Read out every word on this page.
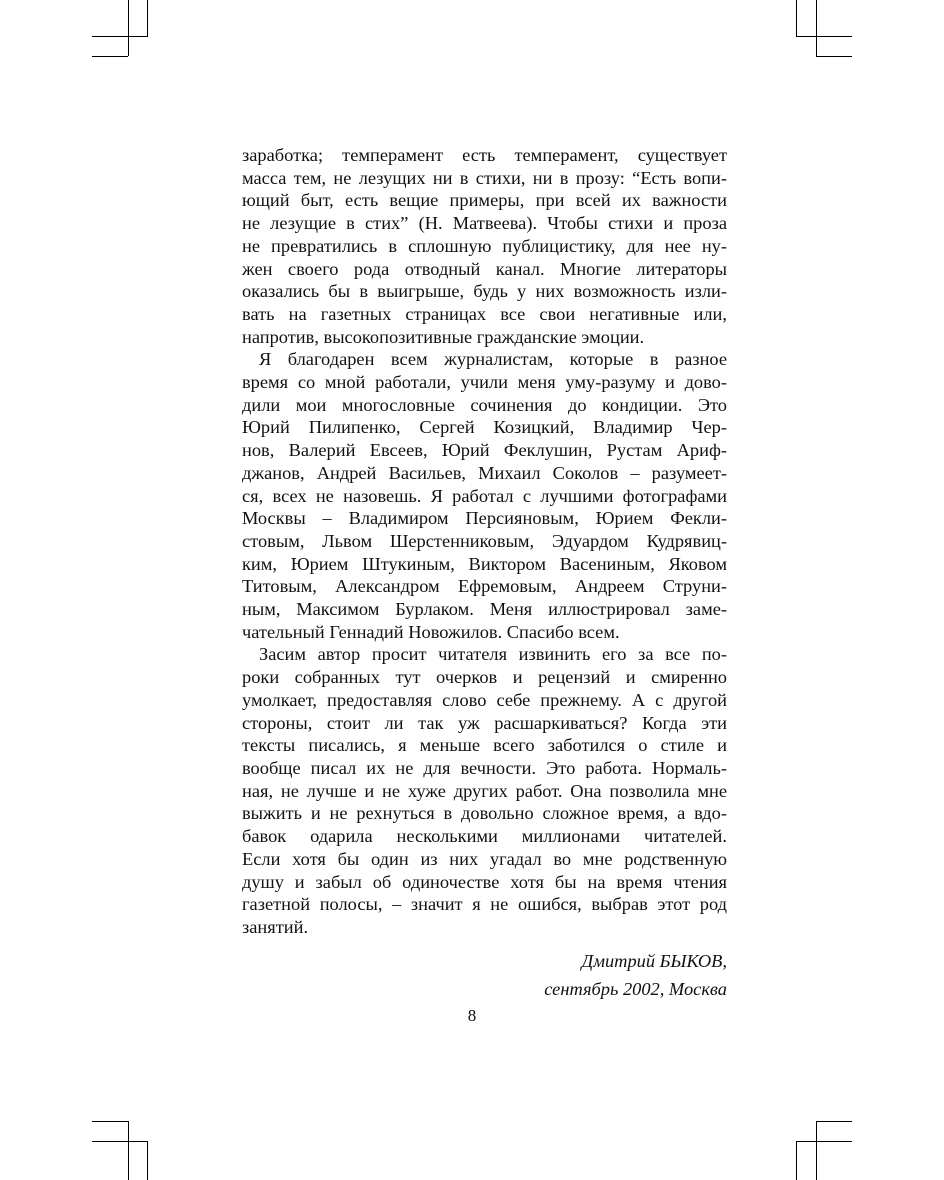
заработка; темперамент есть темперамент, существует
масса тем, не лезущих ни в стихи, ни в прозу: “Есть вопи-
ющий быт, есть вещие примеры, при всей их важности
не лезущие в стих” (Н. Матвеева). Чтобы стихи и проза
не превратились в сплошную публицистику, для нее ну-
жен своего рода отводный канал. Многие литераторы
оказались бы в выигрыше, будь у них возможность изли-
вать на газетных страницах все свои негативные или,
напротив, высокопозитивные гражданские эмоции.

Я благодарен всем журналистам, которые в разное
время со мной работали, учили меня уму-разуму и дово-
дили мои многословные сочинения до кондиции. Это
Юрий Пилипенко, Сергей Козицкий, Владимир Чер-
нов, Валерий Евсеев, Юрий Феклушин, Рустам Ариф-
джанов, Андрей Васильев, Михаил Соколов – разумеет-
ся, всех не назовешь. Я работал с лучшими фотографами
Москвы – Владимиром Персияновым, Юрием Фекли-
стовым, Львом Шерстенниковым, Эдуардом Кудрявиц-
ким, Юрием Штукиным, Виктором Васениным, Яковом
Титовым, Александром Ефремовым, Андреем Струни-
ным, Максимом Бурлаком. Меня иллюстрировал заме-
чательный Геннадий Новожилов. Спасибо всем.

Засим автор просит читателя извинить его за все по-
роки собранных тут очерков и рецензий и смиренно
умолкает, предоставляя слово себе прежнему. А с другой
стороны, стоит ли так уж расшаркиваться? Когда эти
тексты писались, я меньше всего заботился о стиле и
вообще писал их не для вечности. Это работа. Нормаль-
ная, не лучше и не хуже других работ. Она позволила мне
выжить и не рехнуться в довольно сложное время, а вдо-
бавок одарила несколькими миллионами читателей.
Если хотя бы один из них угадал во мне родственную
душу и забыл об одиночестве хотя бы на время чтения
газетной полосы, – значит я не ошибся, выбрав этот род
занятий.

Дмитрий БЫКОВ,
сентябрь 2002, Москва
8
